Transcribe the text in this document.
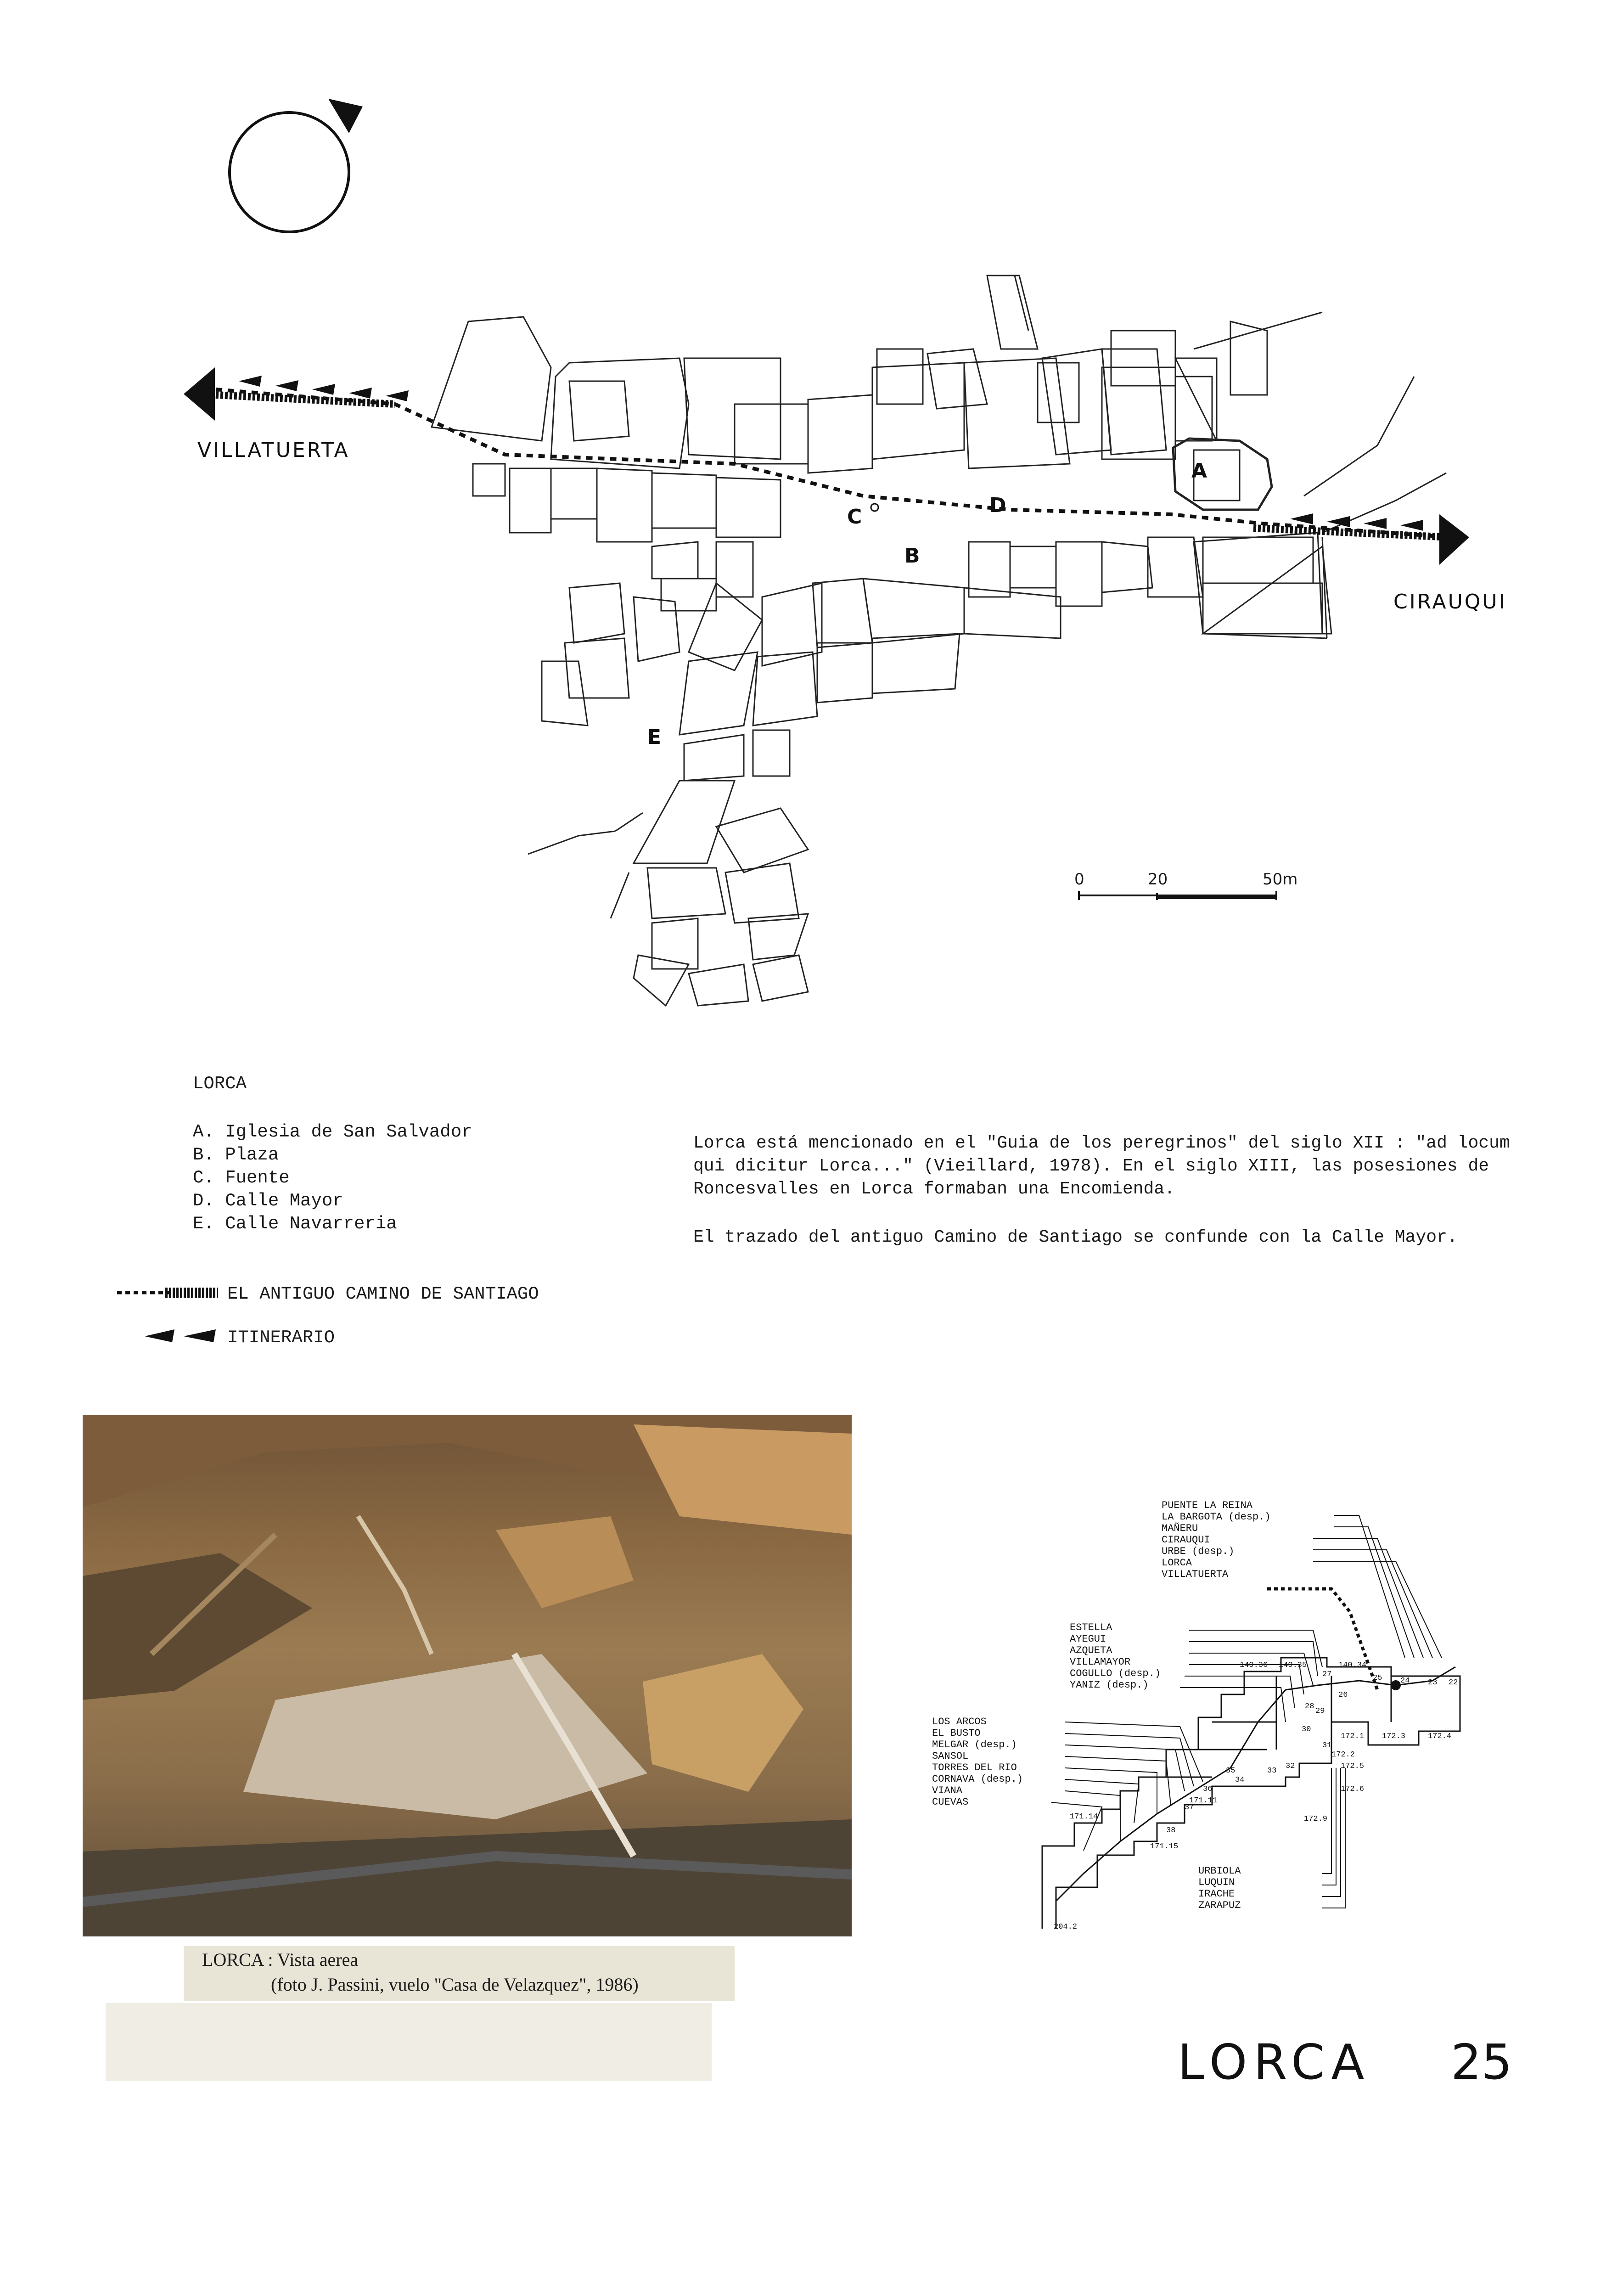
A
B
C	D
E
VILLATUERTA
CIRAUQUI
0	20	50m
LORCA
A. Iglesia de San Salvador
B. Plaza
C. Fuente
D. Calle Mayor
E. Calle Navarreria
Lorca está mencionado en el "Guia de los peregrinos" del siglo XII : "ad locum qui dicitur Lorca..." (Vieillard, 1978). En el siglo XIII, las posesiones de Roncesvalles en Lorca formaban una Encomienda.
El trazado del antiguo Camino de Santiago se confunde con la Calle Mayor.
EL ANTIGUO CAMINO DE SANTIAGO
ITINERARIO
LORCA : Vista aerea
(foto J. Passini, vuelo "Casa de Velazquez", 1986)
PUENTE LA REINA
LA BARGOTA (desp.)
MAÑERU
CIRAUQUI
URBE (desp.)
LORCA
VILLATUERTA
ESTELLA
AYEGUI
AZQUETA
VILLAMAYOR
COGULLO (desp.)
YANIZ (desp.)
LOS ARCOS
EL BUSTO
MELGAR (desp.)
SANSOL
TORRES DEL RIO
CORNAVA (desp.)
VIANA
CUEVAS
URBIOLA
LUQUIN
IRACHE
ZARAPUZ
22
23
24
25
26
27
28
29
30
31
32
33
34
35
36
37
38
140.36 140.35	140.34
172.1
172.2
172.3	172.4
172.5
172.6
172.9
171.11
171.14
171.15
204.2
LORCA 25
